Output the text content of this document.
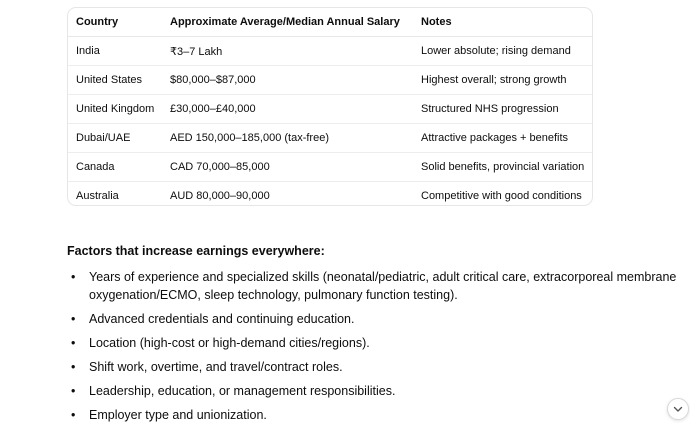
Country	Approximate Average/Median Annual Salary	Notes
India	₹3–7 Lakh	Lower absolute; rising demand
United States	$80,000–$87,000	Highest overall; strong growth
United Kingdom	£30,000–£40,000	Structured NHS progression
Dubai/UAE	AED 150,000–185,000 (tax-free)	Attractive packages + benefits
Canada	CAD 70,000–85,000	Solid benefits, provincial variation
Australia	AUD 80,000–90,000	Competitive with good conditions
Factors that increase earnings everywhere:
• Years of experience and specialized skills (neonatal/pediatric, adult critical care, extracorporeal membrane oxygenation/ECMO, sleep technology, pulmonary function testing).
• Advanced credentials and continuing education.
• Location (high-cost or high-demand cities/regions).
• Shift work, overtime, and travel/contract roles.
• Leadership, education, or management responsibilities.
• Employer type and unionization.
